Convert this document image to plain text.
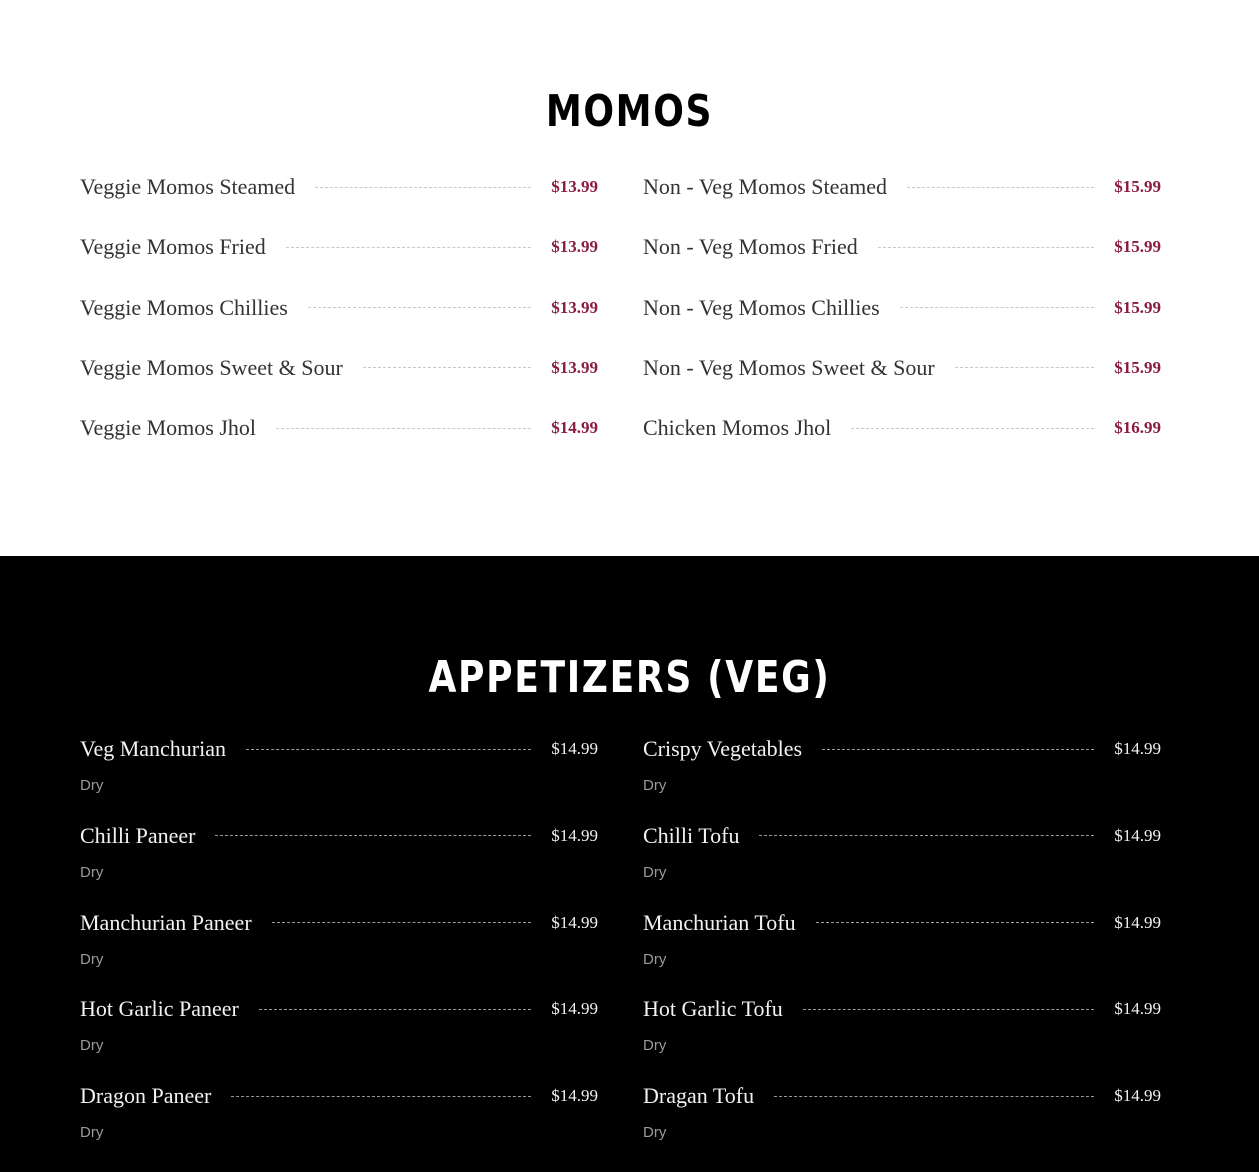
MOMOS
Veggie Momos Steamed	$13.99
Veggie Momos Fried	$13.99
Veggie Momos Chillies	$13.99
Veggie Momos Sweet & Sour	$13.99
Veggie Momos Jhol	$14.99
Non - Veg Momos Steamed	$15.99
Non - Veg Momos Fried	$15.99
Non - Veg Momos Chillies	$15.99
Non - Veg Momos Sweet & Sour	$15.99
Chicken Momos Jhol	$16.99
APPETIZERS (VEG)
Veg Manchurian	$14.99
Dry
Chilli Paneer	$14.99
Dry
Manchurian Paneer	$14.99
Dry
Hot Garlic Paneer	$14.99
Dry
Dragon Paneer	$14.99
Dry
Crispy Vegetables	$14.99
Dry
Chilli Tofu	$14.99
Dry
Manchurian Tofu	$14.99
Dry
Hot Garlic Tofu	$14.99
Dry
Dragan Tofu	$14.99
Dry
